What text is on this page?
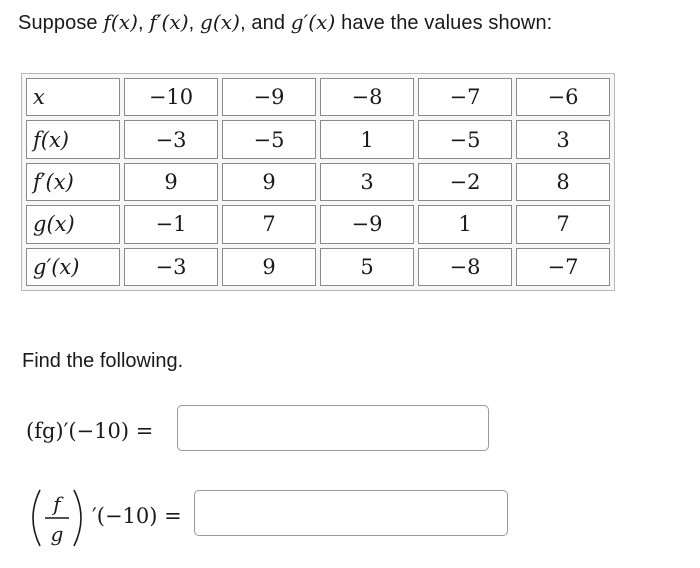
Suppose f(x), f′(x), g(x), and g′(x) have the values shown:
x	−10	−9	−8	−7	−6
f(x)	−3	−5	1	−5	3
f′(x)	9	9	3	−2	8
g(x)	−1	7	−9	1	7
g′(x)	−3	9	5	−8	−7
Find the following.
(fg)′(−10) =
f
g
′(−10) =
